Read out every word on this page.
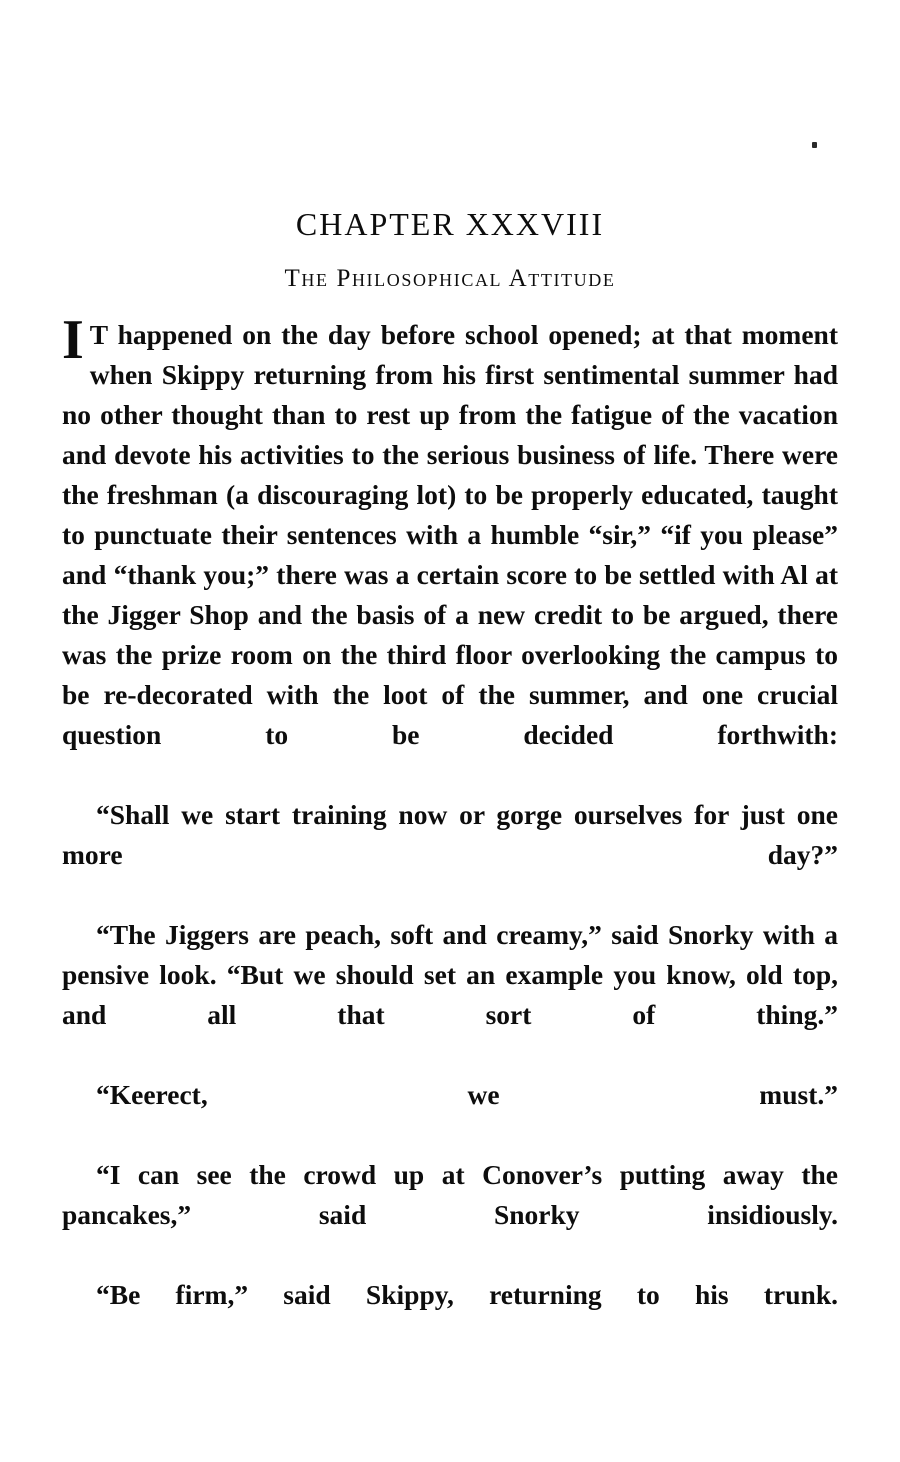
CHAPTER XXXVIII
The Philosophical Attitude

I T happened on the day before school opened; at that moment when Skippy returning from his first sentimental summer had no other thought than to rest up from the fatigue of the vacation and devote his activities to the serious business of life. There were the freshman (a discouraging lot) to be properly educated, taught to punctuate their sentences with a humble “sir,” “if you please” and “thank you;” there was a certain score to be settled with Al at the Jigger Shop and the basis of a new credit to be argued, there was the prize room on the third floor overlooking the campus to be re-decorated with the loot of the summer, and one crucial question to be decided forthwith:

“Shall we start training now or gorge ourselves for just one more day?”

“The Jiggers are peach, soft and creamy,” said Snorky with a pensive look. “But we should set an example you know, old top, and all that sort of thing.”

“Keerect, we must.”

“I can see the crowd up at Conover’s putting away the pancakes,” said Snorky insidiously.

“Be firm,” said Skippy, returning to his trunk.
